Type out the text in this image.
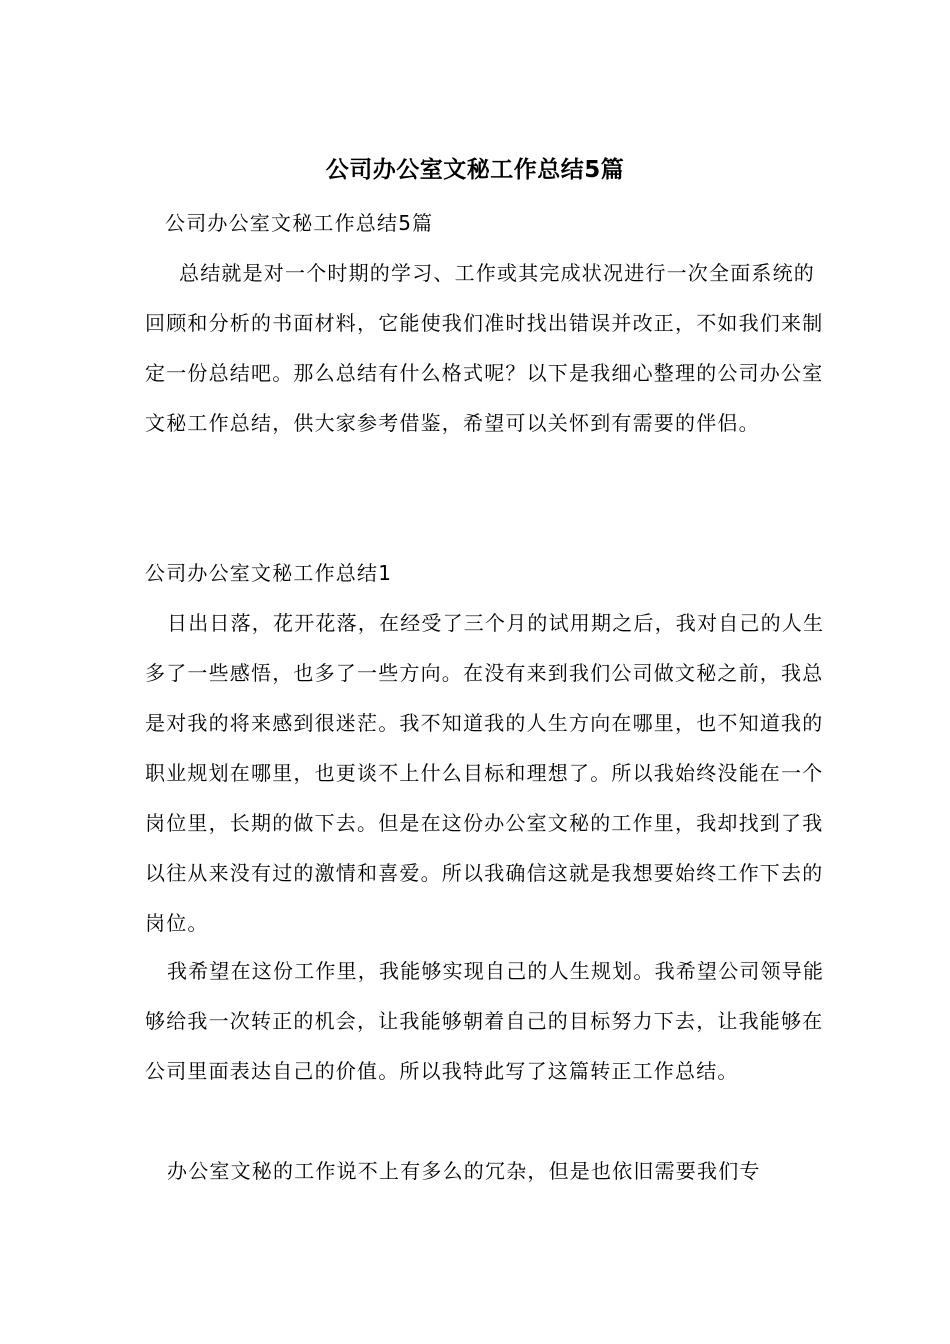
公司办公室文秘工作总结5篇
公司办公室文秘工作总结5篇
总结就是对一个时期的学习、工作或其完成状况进行一次全面系统的回顾和分析的书面材料，它能使我们准时找出错误并改正，不如我们来制定一份总结吧。那么总结有什么格式呢？以下是我细心整理的公司办公室文秘工作总结，供大家参考借鉴，希望可以关怀到有需要的伴侣。
公司办公室文秘工作总结1
日出日落，花开花落，在经受了三个月的试用期之后，我对自己的人生多了一些感悟，也多了一些方向。在没有来到我们公司做文秘之前，我总是对我的将来感到很迷茫。我不知道我的人生方向在哪里，也不知道我的职业规划在哪里，也更谈不上什么目标和理想了。所以我始终没能在一个岗位里，长期的做下去。但是在这份办公室文秘的工作里，我却找到了我以往从来没有过的激情和喜爱。所以我确信这就是我想要始终工作下去的岗位。
我希望在这份工作里，我能够实现自己的人生规划。我希望公司领导能够给我一次转正的机会，让我能够朝着自己的目标努力下去，让我能够在公司里面表达自己的价值。所以我特此写了这篇转正工作总结。
办公室文秘的工作说不上有多么的冗杂，但是也依旧需要我们专
